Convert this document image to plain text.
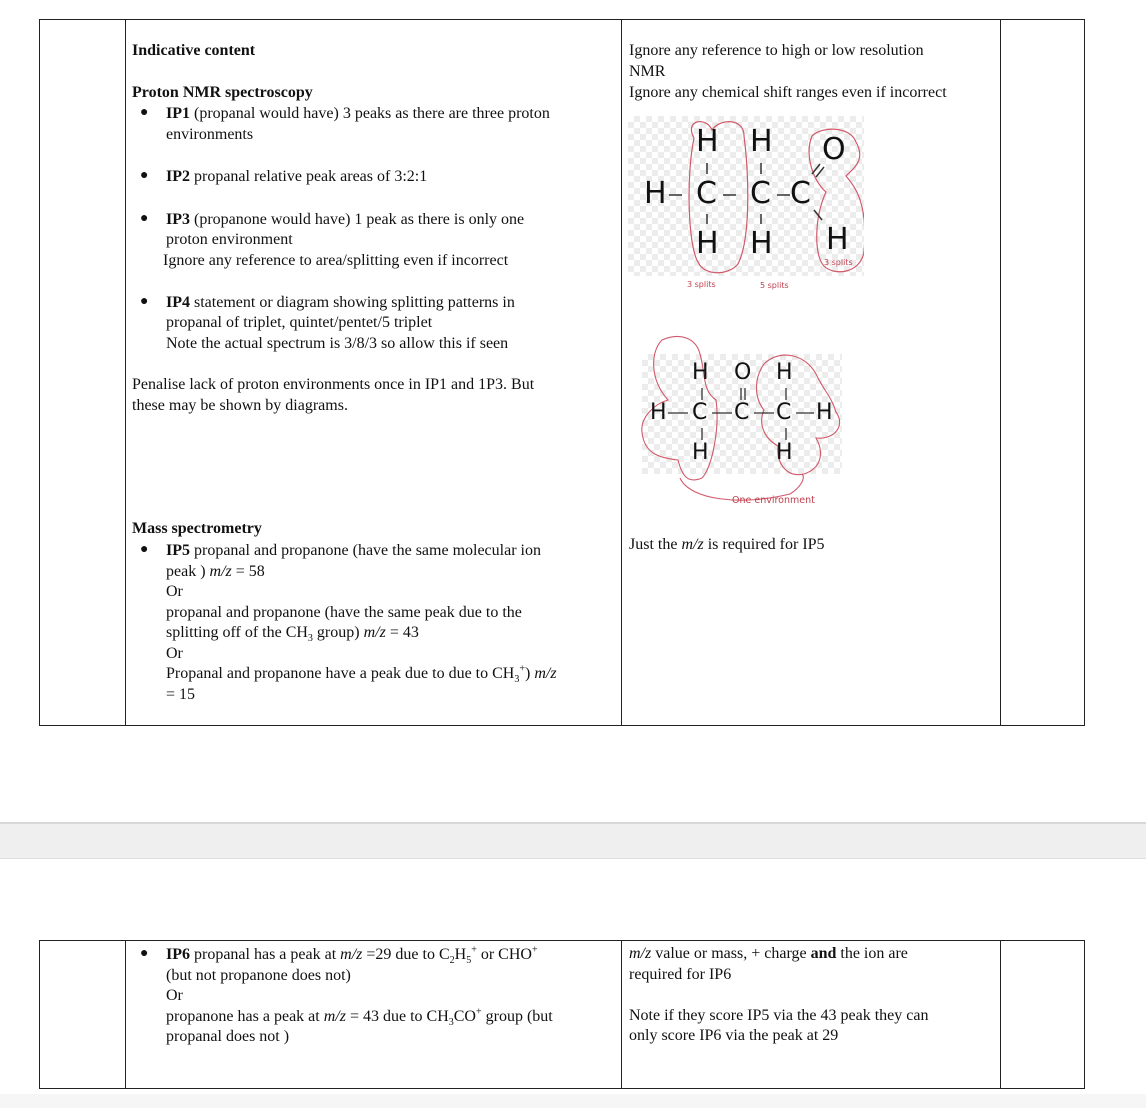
Indicative content
Proton NMR spectroscopy
● IP1 (propanal would have) 3 peaks as there are three proton
environments
● IP2 propanal relative peak areas of 3:2:1
● IP3 (propanone would have) 1 peak as there is only one
proton environment
Ignore any reference to area/splitting even if incorrect
● IP4 statement or diagram showing splitting patterns in
propanal of triplet, quintet/pentet/5 triplet
Note the actual spectrum is 3/8/3 so allow this if seen
Penalise lack of proton environments once in IP1 and 1P3. But
these may be shown by diagrams.
Mass spectrometry
● IP5 propanal and propanone (have the same molecular ion
peak ) m/z = 58
Or
propanal and propanone (have the same peak due to the
splitting off of the $CH_3$ group) m/z = 43
Or
Propanal and propanone have a peak due to due to $CH_3^+$) m/z
= 15
Ignore any reference to high or low resolution
NMR
Ignore any chemical shift ranges even if incorrect
H H O
H C C C
H H H
3 splits
3 splits	5 splits
H O H
H C C C H
H	H
One environment
Just the m/z is required for IP5
● IP6 propanal has a peak at m/z =29 due to $C_2H_5^+$ or CHO+
(but not propanone does not)
Or
propanone has a peak at m/z = 43 due to $CH_3CO^+$ group (but
propanal does not )
m/z value or mass, + charge and the ion are
required for IP6
Note if they score IP5 via the 43 peak they can
only score IP6 via the peak at 29
